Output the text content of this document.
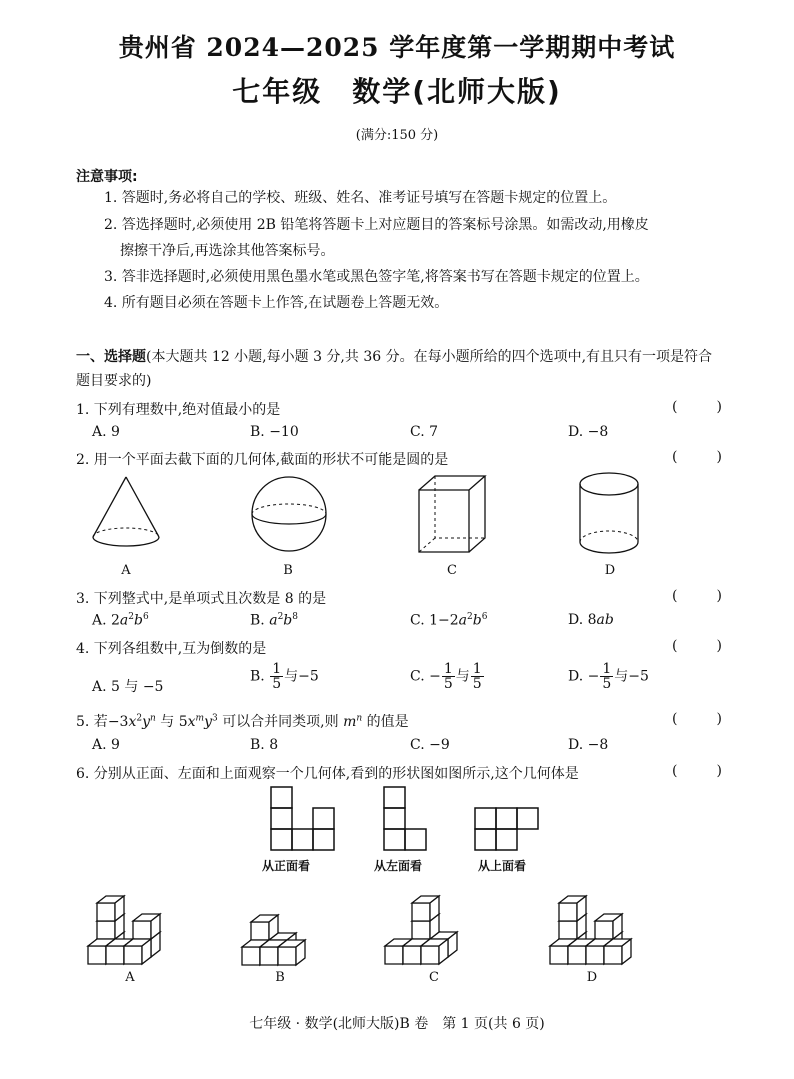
贵州省 2024—2025 学年度第一学期期中考试
七年级 数学(北师大版)
(满分:150 分)
注意事项:
1. 答题时,务必将自己的学校、班级、姓名、准考证号填写在答题卡规定的位置上。
2. 答选择题时,必须使用 2B 铅笔将答题卡上对应题目的答案标号涂黑。如需改动,用橡皮
擦擦干净后,再选涂其他答案标号。
3. 答非选择题时,必须使用黑色墨水笔或黑色签字笔,将答案书写在答题卡规定的位置上。
4. 所有题目必须在答题卡上作答,在试题卷上答题无效。
一、选择题(本大题共 12 小题,每小题 3 分,共 36 分。在每小题所给的四个选项中,有且只有一项是符合题目要求的)
1. 下列有理数中,绝对值最小的是	(	)
A. 9	B. −10	C. 7	D. −8
2. 用一个平面去截下面的几何体,截面的形状不可能是圆的是	(	)
A	B	C	D
3. 下列整式中,是单项式且次数是 8 的是	(	)
A. $2a^2b^6$	B. $a^2b^8$	C. $1-2a^2b^6$	D. 8ab
4. 下列各组数中,互为倒数的是	(	)
A. 5 与 −5
B. $\frac{1}{5}$ 与−5	C. − $\frac{1}{5}$ 与 $\frac{1}{5}$	D. − $\frac{1}{5}$ 与−5
5. 若$-3x^2y^n$ 与 $5x^my^3$ 可以合并同类项,则 $m^n$ 的值是	(	)
A. 9	B. 8	C. −9	D. −8
6. 分别从正面、左面和上面观察一个几何体,看到的形状图如图所示,这个几何体是	(	)
从正面看	从左面看	从上面看
A	B	C	D
七年级 · 数学(北师大版)B 卷　第 1 页(共 6 页)
